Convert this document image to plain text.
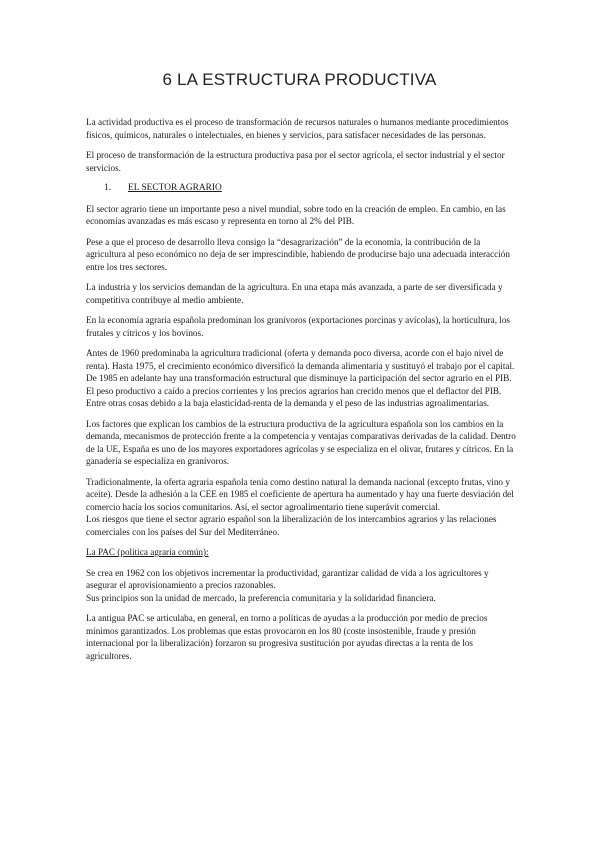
6 LA ESTRUCTURA PRODUCTIVA

La actividad productiva es el proceso de transformación de recursos naturales o humanos mediante procedimientos físicos, químicos, naturales o intelectuales, en bienes y servicios, para satisfacer necesidades de las personas.

El proceso de transformación de la estructura productiva pasa por el sector agrícola, el sector industrial y el sector servicios.

1. EL SECTOR AGRARIO

El sector agrario tiene un importante peso a nivel mundial, sobre todo en la creación de empleo. En cambio, en las economías avanzadas es más escaso y representa en torno al 2% del PIB.

Pese a que el proceso de desarrollo lleva consigo la “desagrarización” de la economía, la contribución de la agricultura al peso económico no deja de ser imprescindible, habiendo de producirse bajo una adecuada interacción entre los tres sectores.

La industria y los servicios demandan de la agricultura. En una etapa más avanzada, a parte de ser diversificada y competitiva contribuye al medio ambiente.

En la economía agraria española predominan los granívoros (exportaciones porcinas y avícolas), la horticultura, los frutales y cítricos y los bovinos.

Antes de 1960 predominaba la agricultura tradicional (oferta y demanda poco diversa, acorde con el bajo nivel de renta). Hasta 1975, el crecimiento económico diversificó la demanda alimentaria y sustituyó el trabajo por el capital.

De 1985 en adelante hay una transformación estructural que disminuye la participación del sector agrario en el PIB. El peso productivo a caído a precios corrientes y los precios agrarios han crecido menos que el deflactor del PIB. Entre otras cosas debido a la baja elasticidad-renta de la demanda y el peso de las industrias agroalimentarias.

Los factores que explican los cambios de la estructura productiva de la agricultura española son los cambios en la demanda, mecanismos de protección frente a la competencia y ventajas comparativas derivadas de la calidad. Dentro de la UE, España es uno de los mayores exportadores agrícolas y se especializa en el olivar, frutares y cítricos. En la ganadería se especializa en granívoros.

Tradicionalmente, la oferta agraria española tenía como destino natural la demanda nacional (excepto frutas, vino y aceite). Desde la adhesión a la CEE en 1985 el coeficiente de apertura ha aumentado y hay una fuerte desviación del comercio hacia los socios comunitarios. Así, el sector agroalimentario tiene superávit comercial.

Los riesgos que tiene el sector agrario español son la liberalización de los intercambios agrarios y las relaciones comerciales con los países del Sur del Mediterráneo.

La PAC (política agraria común):

Se crea en 1962 con los objetivos incrementar la productividad, garantizar calidad de vida a los agricultores y asegurar el aprovisionamiento a precios razonables.

Sus principios son la unidad de mercado, la preferencia comunitaria y la solidaridad financiera.

La antigua PAC se articulaba, en general, en torno a políticas de ayudas a la producción por medio de precios mínimos garantizados. Los problemas que estas provocaron en los 80 (coste insostenible, fraude y presión internacional por la liberalización) forzaron su progresiva sustitución por ayudas directas a la renta de los agricultores.
